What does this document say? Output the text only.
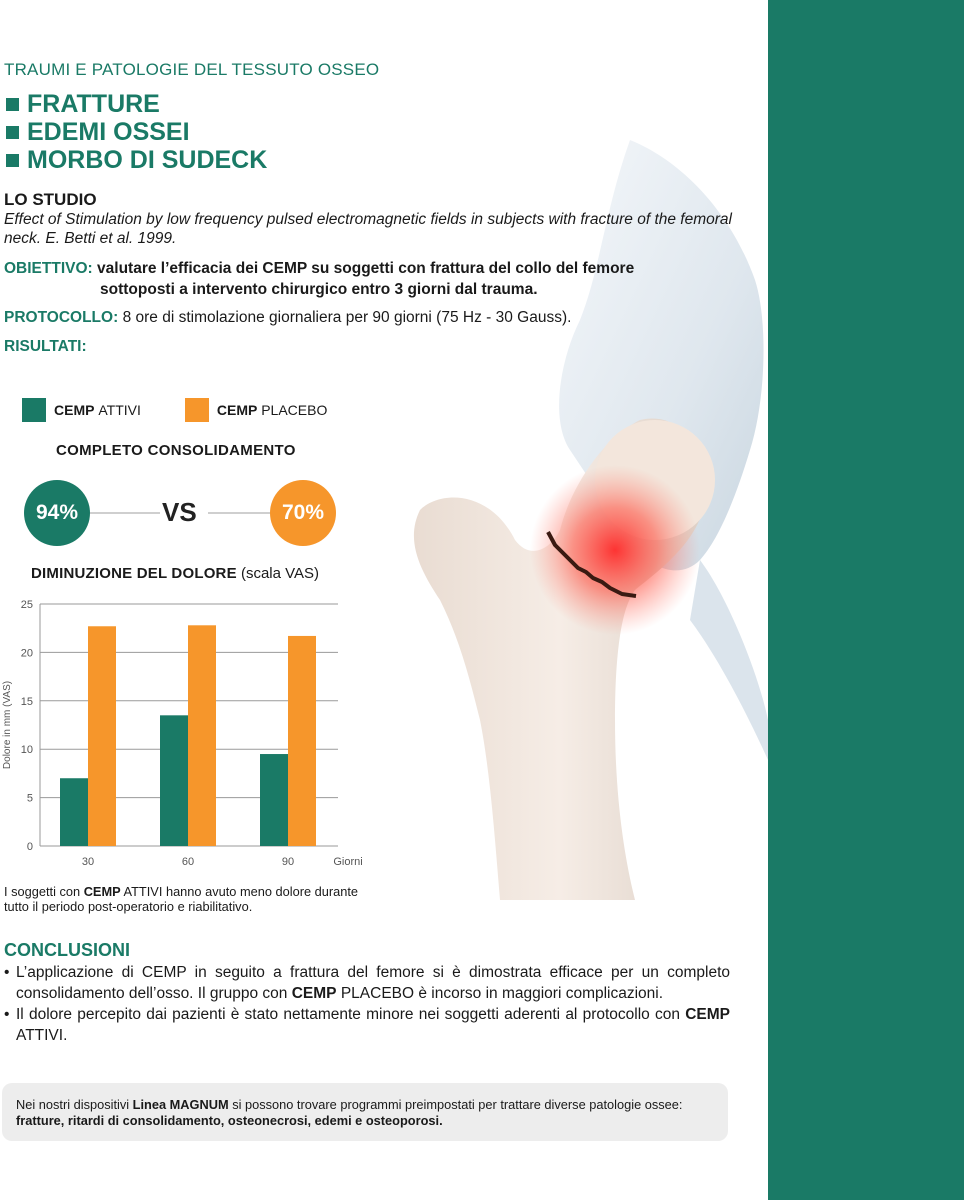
TRAUMI E PATOLOGIE DEL TESSUTO OSSEO
FRATTURE
EDEMI OSSEI
MORBO DI SUDECK
LO STUDIO
Effect of Stimulation by low frequency pulsed electromagnetic fields in subjects with fracture of the femoral neck. E. Betti et al. 1999.
OBIETTIVO: valutare l’efficacia dei CEMP su soggetti con frattura del collo del femore
sottoposti a intervento chirurgico entro 3 giorni dal trauma.
PROTOCOLLO: 8 ore di stimolazione giornaliera per 90 giorni (75 Hz - 30 Gauss).
RISULTATI:
CEMP
ATTIVI	CEMP
PLACEBO
COMPLETO CONSOLIDAMENTO
94%	VS	70%
DIMINUZIONE DEL DOLORE (scala VAS)
0
5
10
15
20
25
Dolore in mm (VAS)
30	60	90	Giorni
I soggetti con CEMP ATTIVI hanno avuto meno dolore durante tutto il periodo post-operatorio e riabilitativo.
CONCLUSIONI
• L’applicazione di CEMP in seguito a frattura del femore si è dimostrata efficace per un completo consolidamento dell’osso. Il gruppo con CEMP PLACEBO è incorso in maggiori complicazioni.
• Il dolore percepito dai pazienti è stato nettamente minore nei soggetti aderenti al protocollo con CEMP ATTIVI.
Nei nostri dispositivi Linea MAGNUM si possono trovare programmi preimpostati per trattare diverse patologie ossee: fratture, ritardi di consolidamento, osteonecrosi, edemi e osteoporosi.
